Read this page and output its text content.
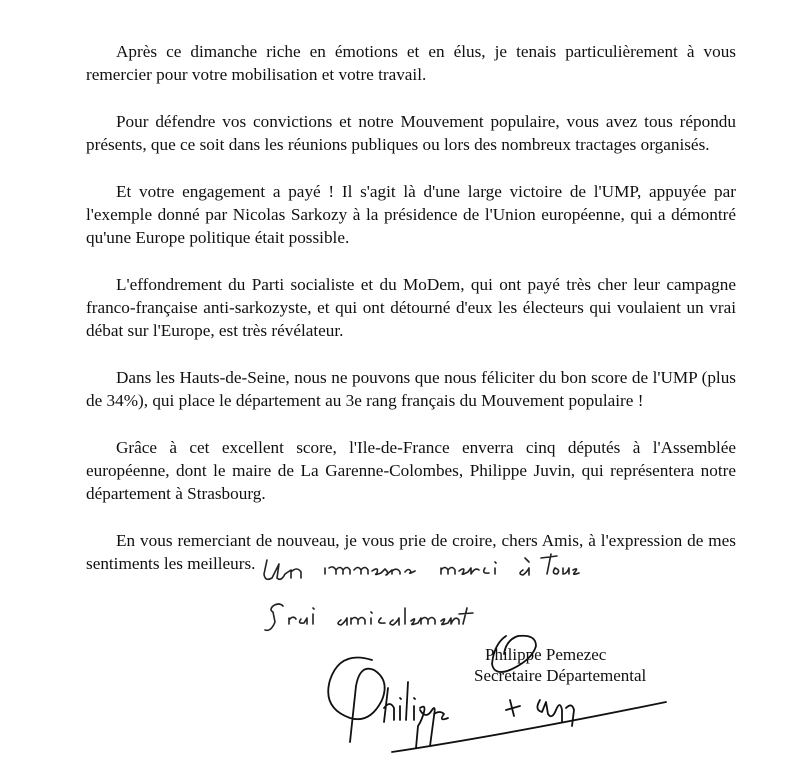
Après ce dimanche riche en émotions et en élus, je tenais particulièrement à vous remercier pour votre mobilisation et votre travail.

Pour défendre vos convictions et notre Mouvement populaire, vous avez tous répondu présents, que ce soit dans les réunions publiques ou lors des nombreux tractages organisés.

Et votre engagement a payé ! Il s'agit là d'une large victoire de l'UMP, appuyée par l'exemple donné par Nicolas Sarkozy à la présidence de l'Union européenne, qui a démontré qu'une Europe politique était possible.

L'effondrement du Parti socialiste et du MoDem, qui ont payé très cher leur campagne franco-française anti-sarkozyste, et qui ont détourné d'eux les électeurs qui voulaient un vrai débat sur l'Europe, est très révélateur.

Dans les Hauts-de-Seine, nous ne pouvons que nous féliciter du bon score de l'UMP (plus de 34%), qui place le département au 3e rang français du Mouvement populaire !

Grâce à cet excellent score, l'Ile-de-France enverra cinq députés à l'Assemblée européenne, dont le maire de La Garenne-Colombes, Philippe Juvin, qui représentera notre département à Strasbourg.

En vous remerciant de nouveau, je vous prie de croire, chers Amis, à l'expression de mes sentiments les meilleurs.

Philippe Pemezec
Secrétaire Départemental
